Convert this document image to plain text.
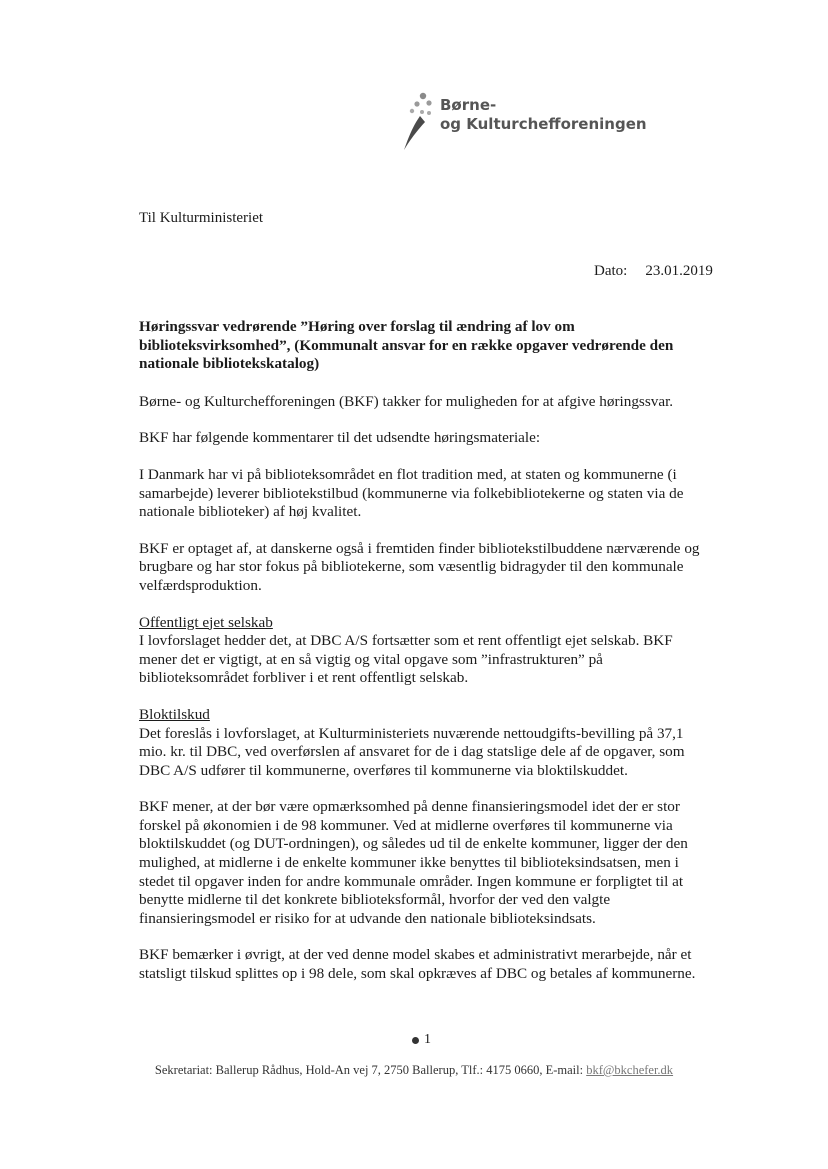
Børne-
og Kulturchefforeningen
Til Kulturministeriet
Dato: 23.01.2019
Høringssvar vedrørende ”Høring over forslag til ændring af lov om biblioteksvirksomhed”, (Kommunalt ansvar for en række opgaver vedrørende den nationale bibliotekskatalog)

Børne- og Kulturchefforeningen (BKF) takker for muligheden for at afgive høringssvar.

BKF har følgende kommentarer til det udsendte høringsmateriale:

I Danmark har vi på biblioteksområdet en flot tradition med, at staten og kommunerne (i samarbejde) leverer bibliotekstilbud (kommunerne via folkebibliotekerne og staten via de nationale biblioteker) af høj kvalitet.

BKF er optaget af, at danskerne også i fremtiden finder bibliotekstilbuddene nærværende og brugbare og har stor fokus på bibliotekerne, som væsentlig bidragyder til den kommunale velfærdsproduktion.

Offentligt ejet selskab
I lovforslaget hedder det, at DBC A/S fortsætter som et rent offentligt ejet selskab. BKF mener det er vigtigt, at en så vigtig og vital opgave som ”infrastrukturen” på biblioteksområdet forbliver i et rent offentligt selskab.
Bloktilskud
Det foreslås i lovforslaget, at Kulturministeriets nuværende nettoudgifts-bevilling på 37,1 mio. kr. til DBC, ved overførslen af ansvaret for de i dag statslige dele af de opgaver, som DBC A/S udfører til kommunerne, overføres til kommunerne via bloktilskuddet.

BKF mener, at der bør være opmærksomhed på denne finansieringsmodel idet der er stor forskel på økonomien i de 98 kommuner. Ved at midlerne overføres til kommunerne via bloktilskuddet (og DUT-ordningen), og således ud til de enkelte kommuner, ligger der den mulighed, at midlerne i de enkelte kommuner ikke benyttes til biblioteksindsatsen, men i stedet til opgaver inden for andre kommunale områder. Ingen kommune er forpligtet til at benytte midlerne til det konkrete biblioteksformål, hvorfor der ved den valgte finansieringsmodel er risiko for at udvande den nationale biblioteksindsats.

BKF bemærker i øvrigt, at der ved denne model skabes et administrativt merarbejde, når et statsligt tilskud splittes op i 98 dele, som skal opkræves af DBC og betales af kommunerne.

1
Sekretariat: Ballerup Rådhus, Hold-An vej 7, 2750 Ballerup, Tlf.: 4175 0660, E-mail: bkf@bkchefer.dk
